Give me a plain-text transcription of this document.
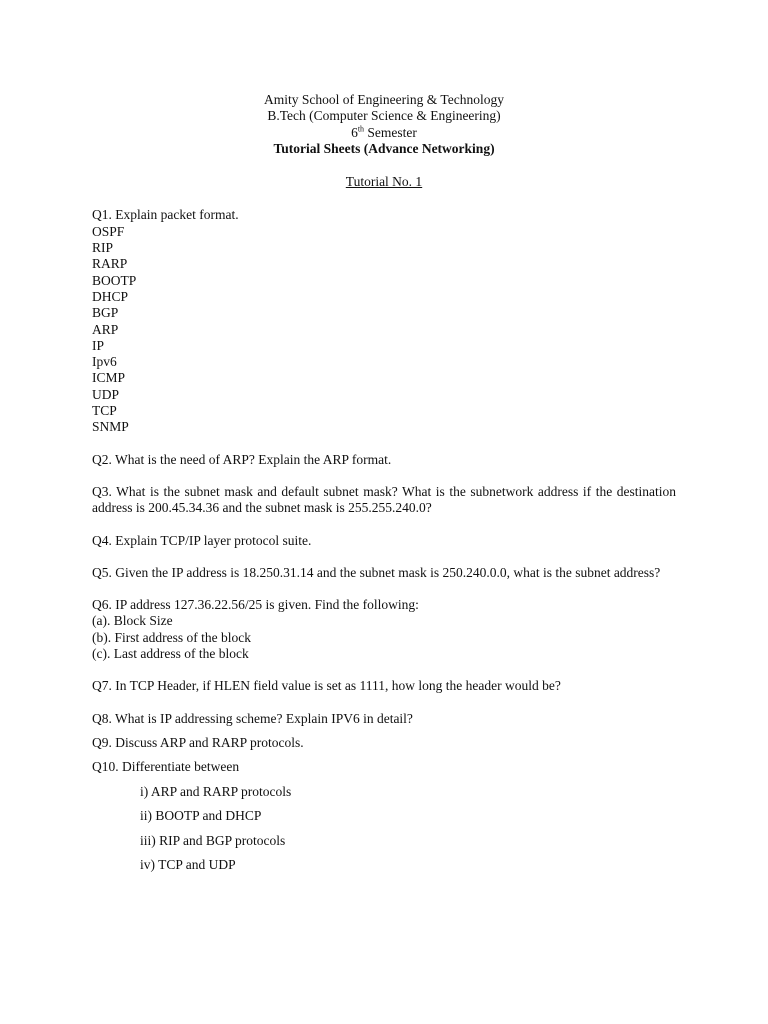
Amity School of Engineering & Technology
B.Tech (Computer Science & Engineering)
6th Semester
Tutorial Sheets (Advance Networking)
Tutorial No. 1
Q1. Explain packet format.
OSPF
RIP
RARP
BOOTP
DHCP
BGP
ARP
IP
Ipv6
ICMP
UDP
TCP
SNMP
Q2. What is the need of ARP? Explain the ARP format.
Q3. What is the subnet mask and default subnet mask? What is the subnetwork address if the destination address is 200.45.34.36 and the subnet mask is 255.255.240.0?
Q4. Explain TCP/IP layer protocol suite.
Q5. Given the IP address is 18.250.31.14 and the subnet mask is 250.240.0.0, what is the subnet address?
Q6. IP address 127.36.22.56/25 is given. Find the following:
(a). Block Size
(b). First address of the block
(c). Last address of the block
Q7. In TCP Header, if HLEN field value is set as 1111, how long the header would be?
Q8. What is IP addressing scheme? Explain IPV6 in detail?
Q9. Discuss ARP and RARP protocols.
Q10. Differentiate between
i) ARP and RARP protocols
ii) BOOTP and DHCP
iii) RIP and BGP protocols
iv) TCP and UDP
